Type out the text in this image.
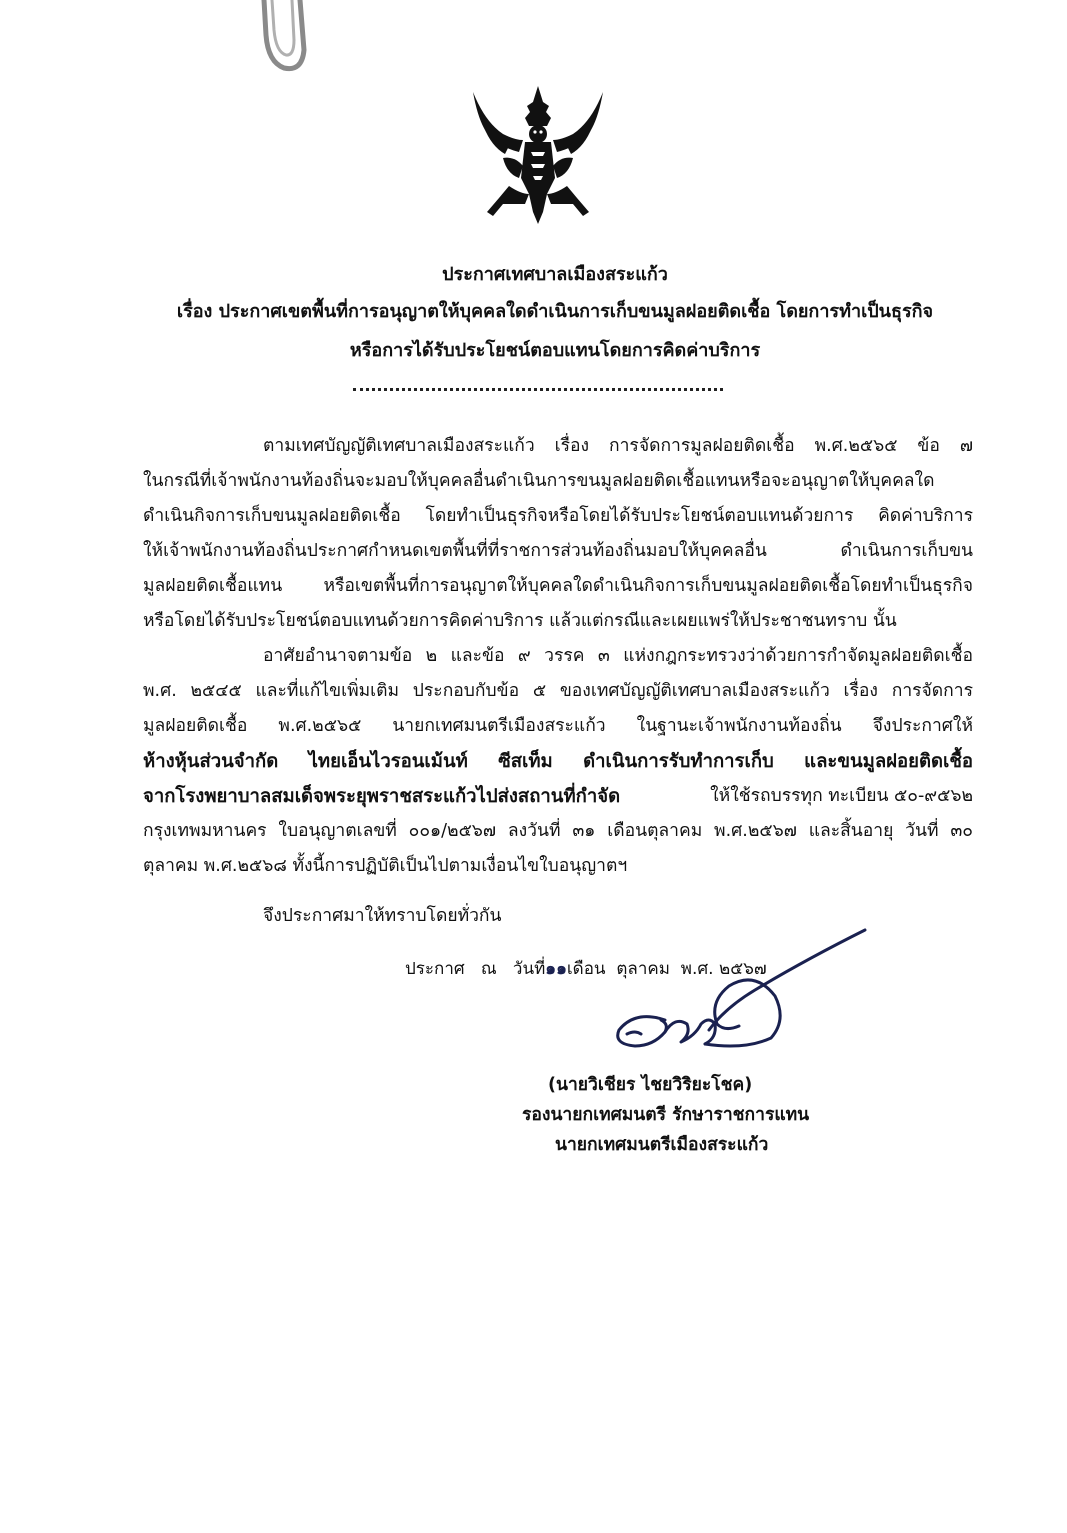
ประกาศเทศบาลเมืองสระแก้ว
เรื่อง ประกาศเขตพื้นที่การอนุญาตให้บุคคลใดดำเนินการเก็บขนมูลฝอยติดเชื้อ โดยการทำเป็นธุรกิจ
หรือการได้รับประโยชน์ตอบแทนโดยการคิดค่าบริการ
ตามเทศบัญญัติเทศบาลเมืองสระแก้ว เรื่อง การจัดการมูลฝอยติดเชื้อ พ.ศ.๒๕๖๕ ข้อ ๗
ในกรณีที่เจ้าพนักงานท้องถิ่นจะมอบให้บุคคลอื่นดำเนินการขนมูลฝอยติดเชื้อแทนหรือจะอนุญาตให้บุคคลใด
ดำเนินกิจการเก็บขนมูลฝอยติดเชื้อ โดยทำเป็นธุรกิจหรือโดยได้รับประโยชน์ตอบแทนด้วยการ คิดค่าบริการ
ให้เจ้าพนักงานท้องถิ่นประกาศกำหนดเขตพื้นที่ที่ราชการส่วนท้องถิ่นมอบให้บุคคลอื่น ดำเนินการเก็บขน
มูลฝอยติดเชื้อแทน หรือเขตพื้นที่การอนุญาตให้บุคคลใดดำเนินกิจการเก็บขนมูลฝอยติดเชื้อโดยทำเป็นธุรกิจ
หรือโดยได้รับประโยชน์ตอบแทนด้วยการคิดค่าบริการ แล้วแต่กรณีและเผยแพร่ให้ประชาชนทราบ นั้น
อาศัยอำนาจตามข้อ ๒ และข้อ ๙ วรรค ๓ แห่งกฎกระทรวงว่าด้วยการกำจัดมูลฝอยติดเชื้อ
พ.ศ. ๒๕๔๕ และที่แก้ไขเพิ่มเติม ประกอบกับข้อ ๕ ของเทศบัญญัติเทศบาลเมืองสระแก้ว เรื่อง การจัดการ
มูลฝอยติดเชื้อ พ.ศ.๒๕๖๕ นายกเทศมนตรีเมืองสระแก้ว ในฐานะเจ้าพนักงานท้องถิ่น จึงประกาศให้
ห้างหุ้นส่วนจำกัด ไทยเอ็นไวรอนเม้นท์ ซีสเท็ม ดำเนินการรับทำการเก็บ และขนมูลฝอยติดเชื้อ
จากโรงพยาบาลสมเด็จพระยุพราชสระแก้วไปส่งสถานที่กำจัด	ให้ใช้รถบรรทุก ทะเบียน ๕๐-๙๕๖๒
กรุงเทพมหานคร ใบอนุญาตเลขที่ ๐๐๑/๒๕๖๗ ลงวันที่ ๓๑ เดือนตุลาคม พ.ศ.๒๕๖๗ และสิ้นอายุ วันที่ ๓๐
ตุลาคม พ.ศ.๒๕๖๘ ทั้งนี้การปฏิบัติเป็นไปตามเงื่อนไขใบอนุญาตฯ
จึงประกาศมาให้ทราบโดยทั่วกัน
ประกาศ ณ วันที่๑๑เดือน ตุลาคม พ.ศ. ๒๕๖๗
(นายวิเชียร ไชยวิริยะโชค)
รองนายกเทศมนตรี รักษาราชการแทน
นายกเทศมนตรีเมืองสระแก้ว
